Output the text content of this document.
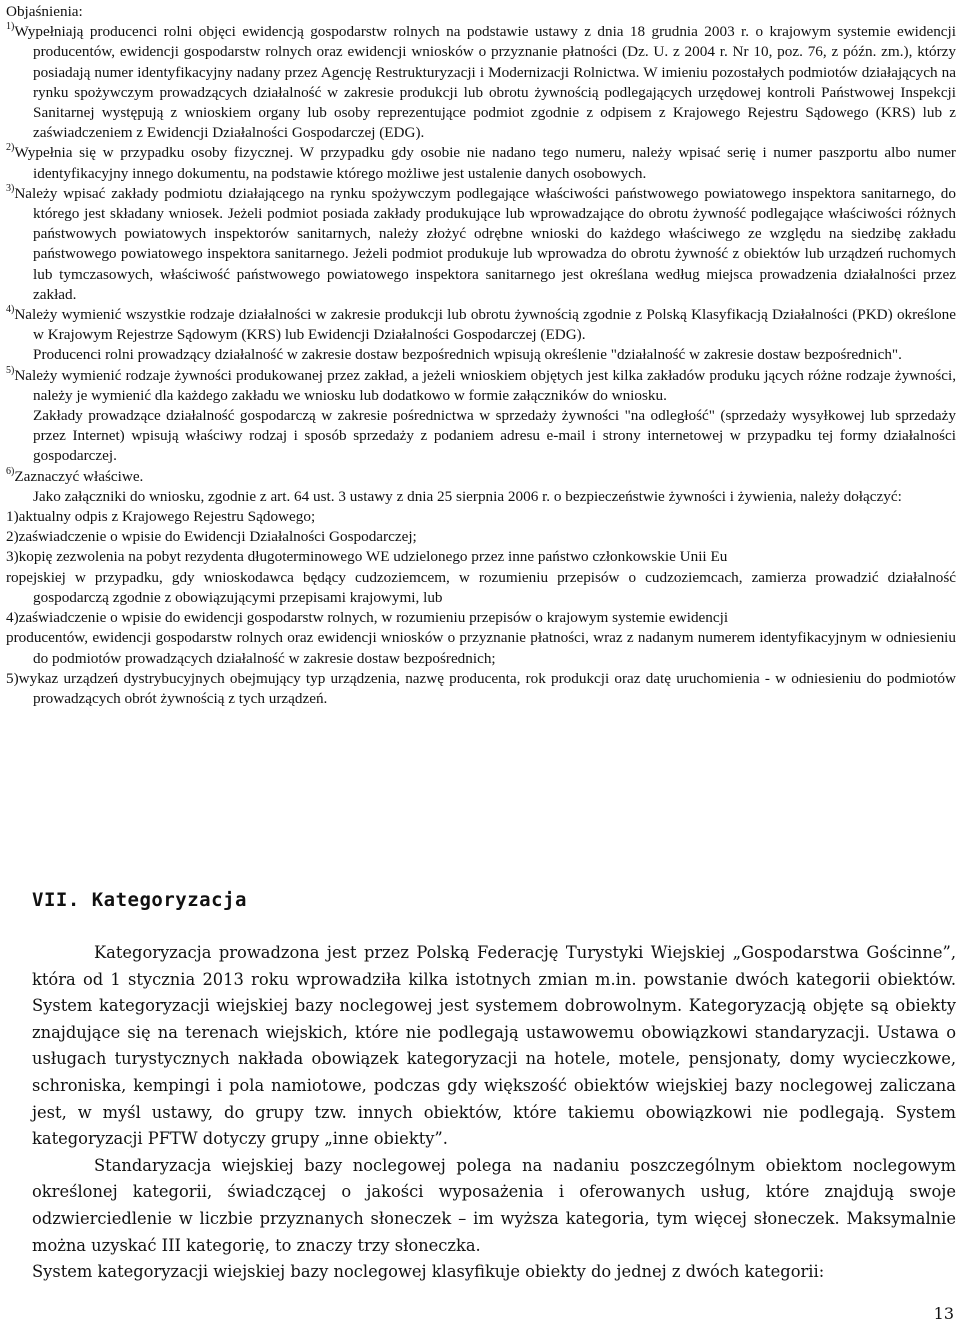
Objaśnienia:

$^{1)}$Wypełniają producenci rolni objęci ewidencją gospodarstw rolnych na podstawie ustawy z dnia 18 grudnia 2003 r. o krajowym systemie ewidencji producentów, ewidencji gospodarstw rolnych oraz ewidencji wniosków o przyznanie płatności (Dz. U. z 2004 r. Nr 10, poz. 76, z późn. zm.), którzy posiadają numer identyfikacyjny nadany przez Agencję Restrukturyzacji i Modernizacji Rolnictwa. W imieniu pozostałych podmiotów działających na rynku spożywczym prowadzących działalność w zakresie produkcji lub obrotu żywnością podlegających urzędowej kontroli Państwowej Inspekcji Sanitarnej występują z wnioskiem organy lub osoby reprezentujące podmiot zgodnie z odpisem z Krajowego Rejestru Sądowego (KRS) lub z zaświadczeniem z Ewidencji Działalności Gospodarczej (EDG).

$^{2)}$Wypełnia się w przypadku osoby fizycznej. W przypadku gdy osobie nie nadano tego numeru, należy wpisać serię i numer paszportu albo numer identyfikacyjny innego dokumentu, na podstawie którego możliwe jest ustalenie danych osobowych.

$^{3)}$Należy wpisać zakłady podmiotu działającego na rynku spożywczym podlegające właściwości państwowego powiatowego inspektora sanitarnego, do którego jest składany wniosek. Jeżeli podmiot posiada zakłady produkujące lub wprowadzające do obrotu żywność podlegające właściwości różnych państwowych powiatowych inspektorów sanitarnych, należy złożyć odrębne wnioski do każdego właściwego ze względu na siedzibę zakładu państwowego powiatowego inspektora sanitarnego. Jeżeli podmiot produkuje lub wprowadza do obrotu żywność z obiektów lub urządzeń ruchomych lub tymczasowych, właściwość państwowego powiatowego inspektora sanitarnego jest określana według miejsca prowadzenia działalności przez zakład.

$^{4)}$Należy wymienić wszystkie rodzaje działalności w zakresie produkcji lub obrotu żywnością zgodnie z Polską Klasyfikacją Działalności (PKD) określone w Krajowym Rejestrze Sądowym (KRS) lub Ewidencji Działalności Gospodarczej (EDG).

Producenci rolni prowadzący działalność w zakresie dostaw bezpośrednich wpisują określenie "działalność w zakresie dostaw bezpośrednich".

$^{5)}$Należy wymienić rodzaje żywności produkowanej przez zakład, a jeżeli wnioskiem objętych jest kilka zakładów produku jących różne rodzaje żywności, należy je wymienić dla każdego zakładu we wniosku lub dodatkowo w formie załączników do wniosku.

Zakłady prowadzące działalność gospodarczą w zakresie pośrednictwa w sprzedaży żywności "na odległość" (sprzedaży wysyłkowej lub sprzedaży przez Internet) wpisują właściwy rodzaj i sposób sprzedaży z podaniem adresu e-mail i strony internetowej w przypadku tej formy działalności gospodarczej.

$^{6)}$Zaznaczyć właściwe.

Jako załączniki do wniosku, zgodnie z art. 64 ust. 3 ustawy z dnia 25 sierpnia 2006 r. o bezpieczeństwie żywności i żywienia, należy dołączyć:

1)aktualny odpis z Krajowego Rejestru Sądowego;

2)zaświadczenie o wpisie do Ewidencji Działalności Gospodarczej;

3)kopię zezwolenia na pobyt rezydenta długoterminowego WE udzielonego przez inne państwo członkowskie Unii Eu

ropejskiej w przypadku, gdy wnioskodawca będący cudzoziemcem, w rozumieniu przepisów o cudzoziemcach, zamierza prowadzić działalność gospodarczą zgodnie z obowiązującymi przepisami krajowymi, lub

4)zaświadczenie o wpisie do ewidencji gospodarstw rolnych, w rozumieniu przepisów o krajowym systemie ewidencji

producentów, ewidencji gospodarstw rolnych oraz ewidencji wniosków o przyznanie płatności, wraz z nadanym numerem identyfikacyjnym w odniesieniu do podmiotów prowadzących działalność w zakresie dostaw bezpośrednich;

5)wykaz urządzeń dystrybucyjnych obejmujący typ urządzenia, nazwę producenta, rok produkcji oraz datę uruchomienia - w odniesieniu do podmiotów prowadzących obrót żywnością z tych urządzeń.

VII. Kategoryzacja

Kategoryzacja prowadzona jest przez Polską Federację Turystyki Wiejskiej „Gospodarstwa Gościnne”, która od 1 stycznia 2013 roku wprowadziła kilka istotnych zmian m.in. powstanie dwóch kategorii obiektów. System kategoryzacji wiejskiej bazy noclegowej jest systemem dobrowolnym. Kategoryzacją objęte są obiekty znajdujące się na terenach wiejskich, które nie podlegają ustawowemu obowiązkowi standaryzacji. Ustawa o usługach turystycznych nakłada obowiązek kategoryzacji na hotele, motele, pensjonaty, domy wycieczkowe, schroniska, kempingi i pola namiotowe, podczas gdy większość obiektów wiejskiej bazy noclegowej zaliczana jest, w myśl ustawy, do grupy tzw. innych obiektów, które takiemu obowiązkowi nie podlegają. System kategoryzacji PFTW dotyczy grupy „inne obiekty”.

Standaryzacja wiejskiej bazy noclegowej polega na nadaniu poszczególnym obiektom noclegowym określonej kategorii, świadczącej o jakości wyposażenia i oferowanych usług, które znajdują swoje odzwierciedlenie w liczbie przyznanych słoneczek – im wyższa kategoria, tym więcej słoneczek. Maksymalnie można uzyskać III kategorię, to znaczy trzy słoneczka.

System kategoryzacji wiejskiej bazy noclegowej klasyfikuje obiekty do jednej z dwóch kategorii:

13
